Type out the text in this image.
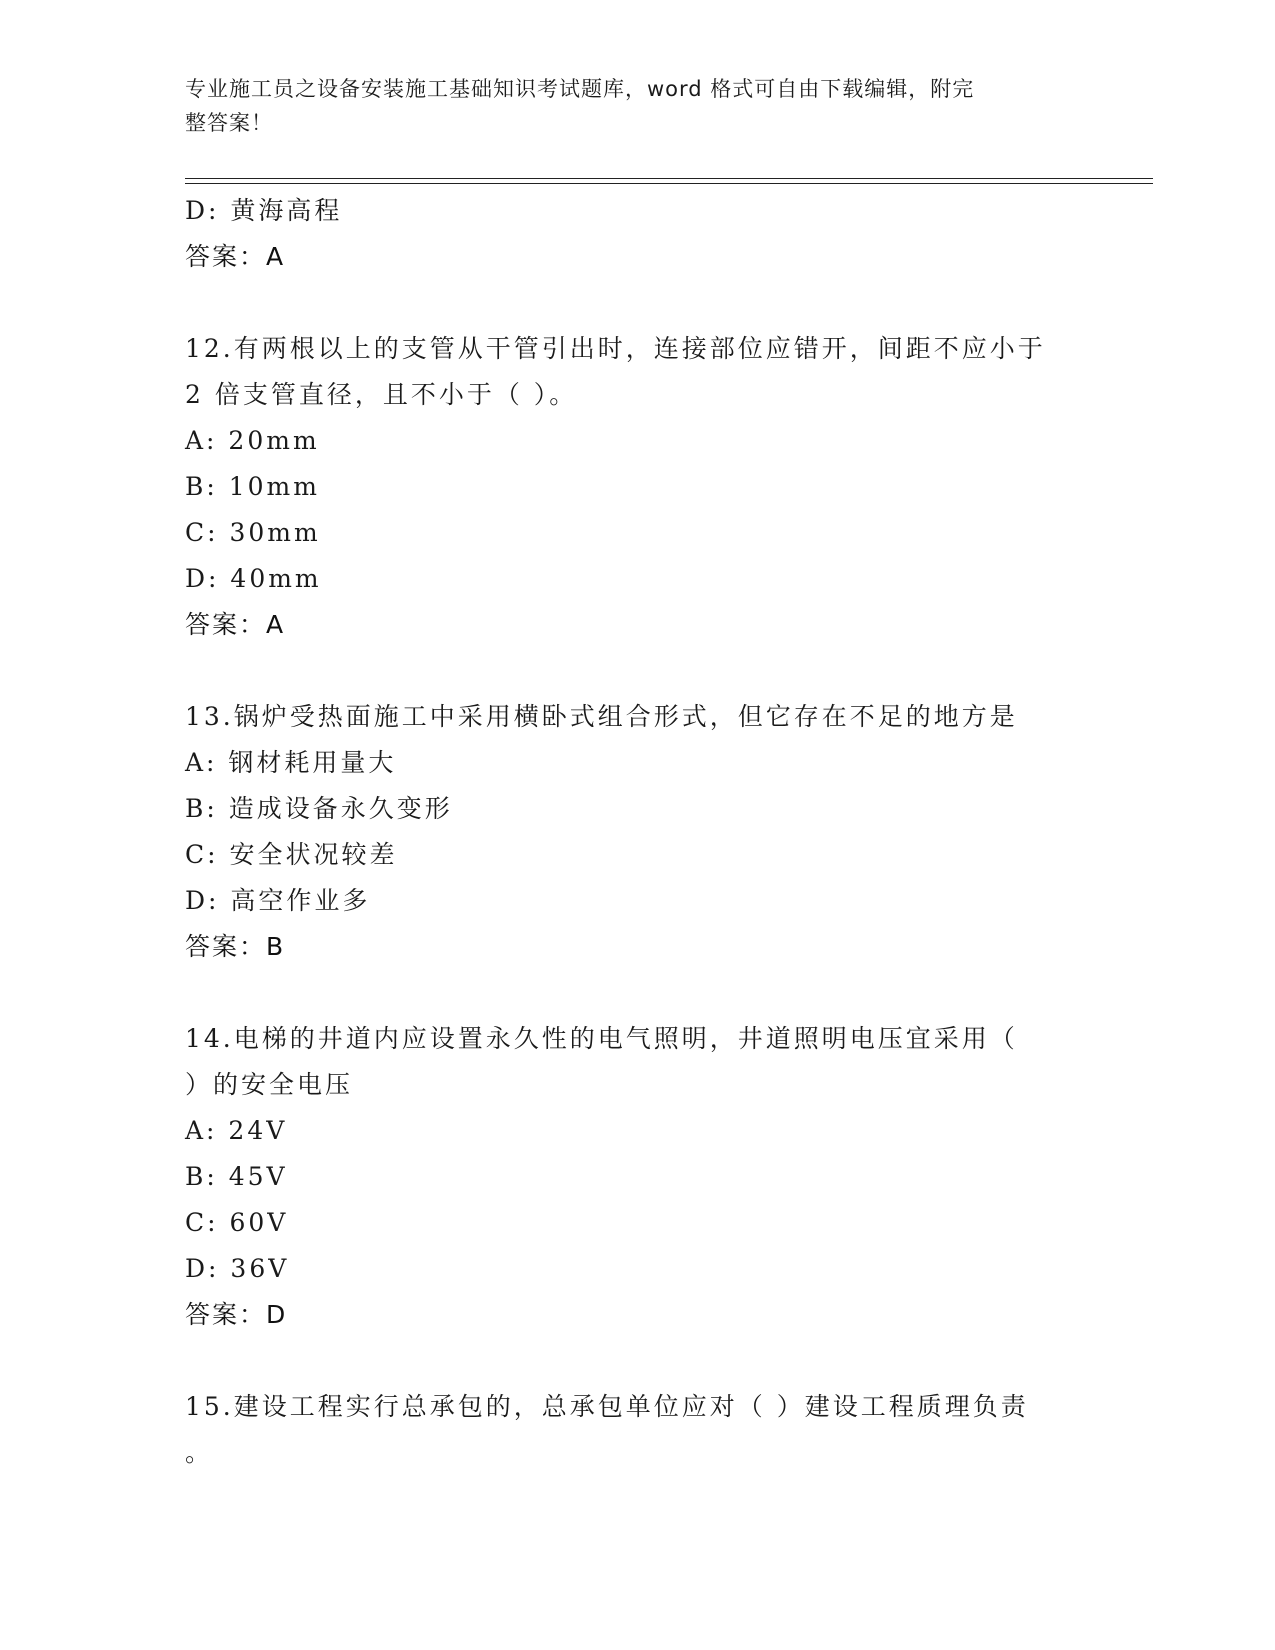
专业施工员之设备安装施工基础知识考试题库，word 格式可自由下载编辑，附完
整答案！
D: 黄海高程
答案：A
12.有两根以上的支管从干管引出时，连接部位应错开，间距不应小于
2 倍支管直径，且不小于（ ）。
A: 20mm
B: 10mm
C: 30mm
D: 40mm
答案：A
13.锅炉受热面施工中采用横卧式组合形式，但它存在不足的地方是
A: 钢材耗用量大
B: 造成设备永久变形
C: 安全状况较差
D: 高空作业多
答案：B
14.电梯的井道内应设置永久性的电气照明，井道照明电压宜采用（
）的安全电压
A: 24V
B: 45V
C: 60V
D: 36V
答案：D
15.建设工程实行总承包的，总承包单位应对（ ）建设工程质理负责
。
